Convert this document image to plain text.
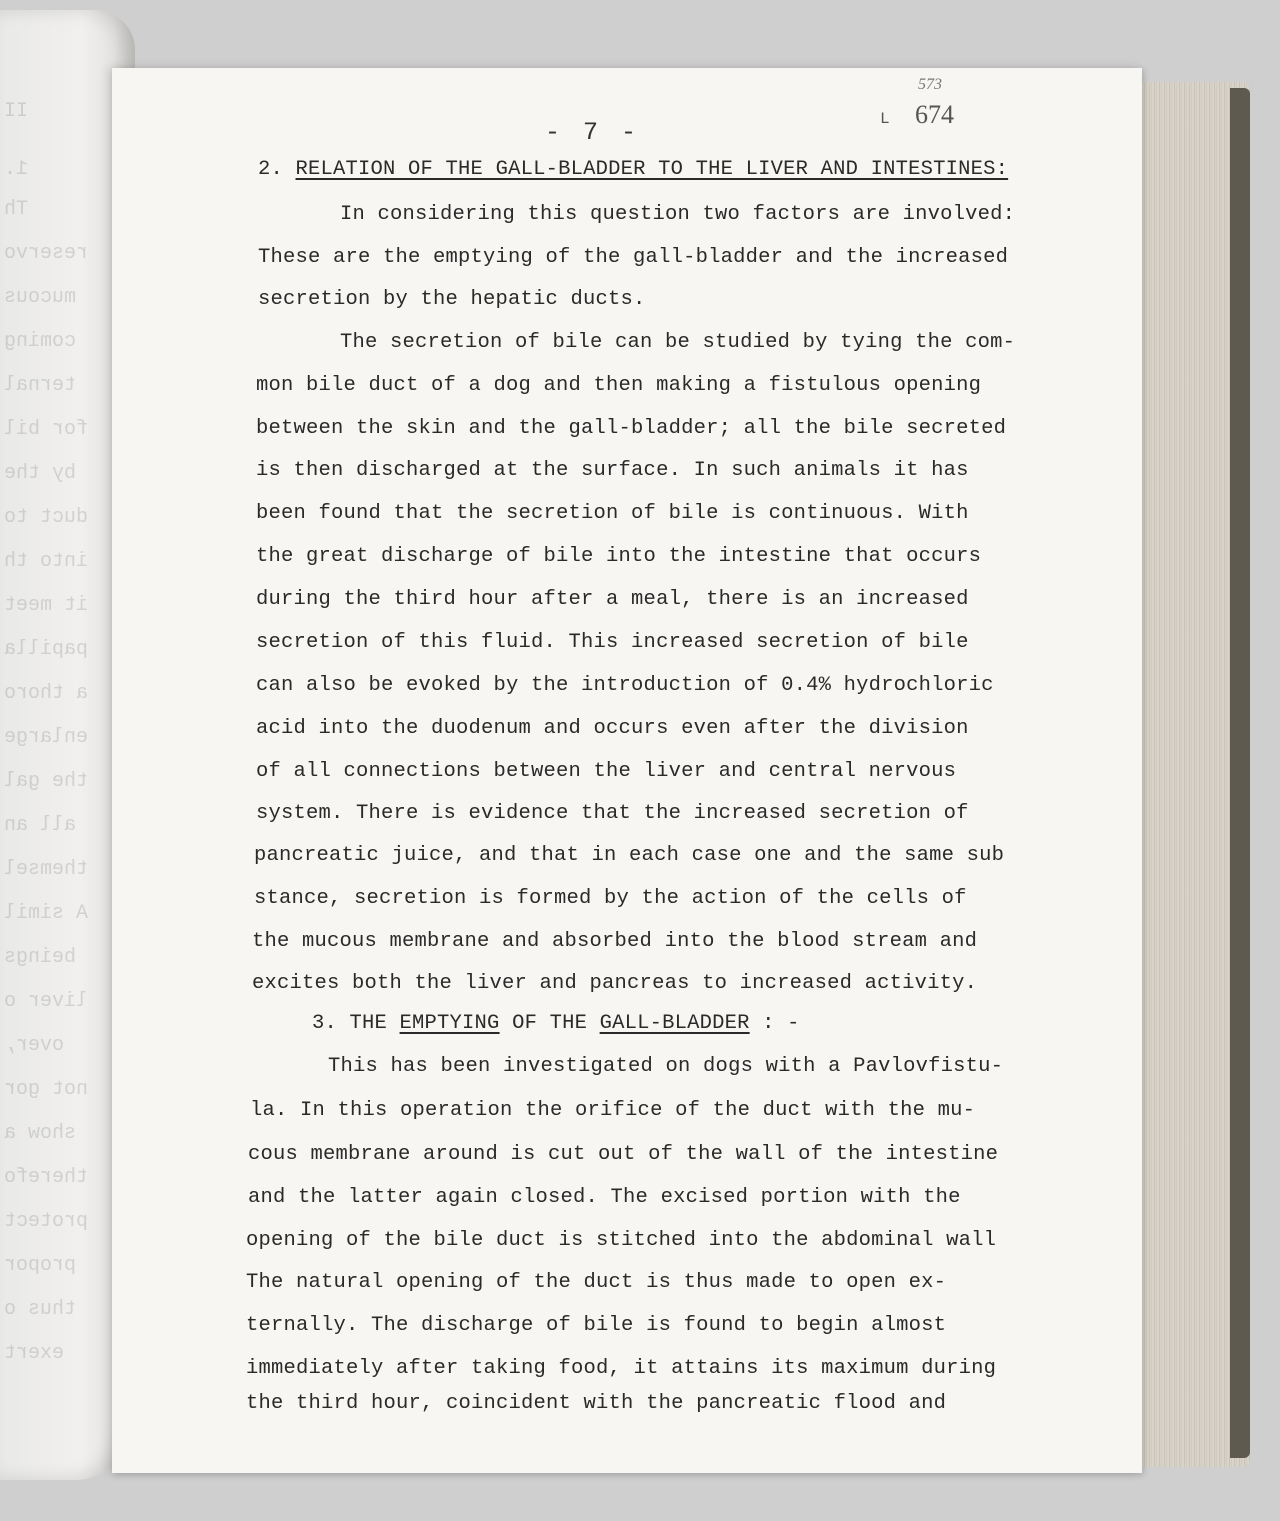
II
1.
Th
reservo
mucous
coming
ternal
for bil
by the
duct to
into th
it meet
papilla
a thoro
enlarge
the gal
all an
themsel
A simil
beings
liver o
over,
not gor
show a
therefo
protect
propor
thus o
exert
573
L 674
- 7 -
2. RELATION OF THE GALL-BLADDER TO THE LIVER AND INTESTINES:
In considering this question two factors are involved:
These are the emptying of the gall-bladder and the increased
secretion by the hepatic ducts.
The secretion of bile can be studied by tying the com-
mon bile duct of a dog and then making a fistulous opening
between the skin and the gall-bladder; all the bile secreted
is then discharged at the surface. In such animals it has
been found that the secretion of bile is continuous. With
the great discharge of bile into the intestine that occurs
during the third hour after a meal, there is an increased
secretion of this fluid. This increased secretion of bile
can also be evoked by the introduction of 0.4% hydrochloric
acid into the duodenum and occurs even after the division
of all connections between the liver and central nervous
system. There is evidence that the increased secretion of
pancreatic juice, and that in each case one and the same sub
stance, secretion is formed by the action of the cells of
the mucous membrane and absorbed into the blood stream and
excites both the liver and pancreas to increased activity.
3. THE EMPTYING OF THE GALL-BLADDER : -
This has been investigated on dogs with a Pavlovfistu-
la. In this operation the orifice of the duct with the mu-
cous membrane around is cut out of the wall of the intestine
and the latter again closed. The excised portion with the
opening of the bile duct is stitched into the abdominal wall
The natural opening of the duct is thus made to open ex-
ternally. The discharge of bile is found to begin almost
immediately after taking food, it attains its maximum during
the third hour, coincident with the pancreatic flood and
